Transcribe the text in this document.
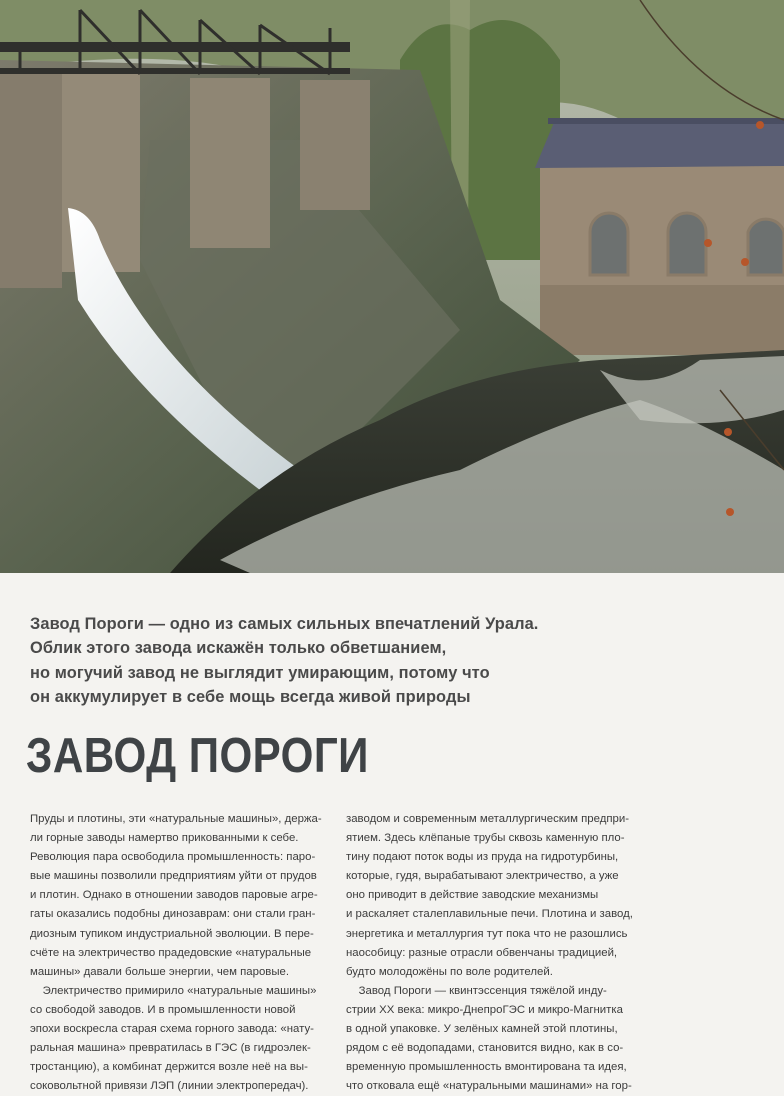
Завод Пороги — одно из самых сильных впечатлений Урала.
Облик этого завода искажён только обветшанием,
но могучий завод не выглядит умирающим, потому что
он аккумулирует в себе мощь всегда живой природы
ЗАВОД ПОРОГИ
Пруды и плотины, эти «натуральные машины», держа-
ли горные заводы намертво прикованными к себе.
Революция пара освободила промышленность: паро-
вые машины позволили предприятиям уйти от прудов
и плотин. Однако в отношении заводов паровые агре-
гаты оказались подобны динозаврам: они стали гран-
диозным тупиком индустриальной эволюции. В пере-
счёте на электричество прадедовские «натуральные
машины» давали больше энергии, чем паровые.
Электричество примирило «натуральные машины»
со свободой заводов. И в промышленности новой
эпохи воскресла старая схема горного завода: «нату-
ральная машина» превратилась в ГЭС (в гидроэлек-
тростанцию), а комбинат держится возле неё на вы-
соковольтной привязи ЛЭП (линии электропередач).
заводом и современным металлургическим предпри-
ятием. Здесь клёпаные трубы сквозь каменную пло-
тину подают поток воды из пруда на гидротурбины,
которые, гудя, вырабатывают электричество, а уже
оно приводит в действие заводские механизмы
и раскаляет сталеплавильные печи. Плотина и завод,
энергетика и металлургия тут пока что не разошлись
наособицу: разные отрасли обвенчаны традицией,
будто молодожёны по воле родителей.
Завод Пороги — квинтэссенция тяжёлой инду-
стрии XX века: микро-ДнепроГЭС и микро-Магнитка
в одной упаковке. У зелёных камней этой плотины,
рядом с её водопадами, становится видно, как в со-
временную промышленность вмонтирована та идея,
что отковала ещё «натуральными машинами» на гор-
